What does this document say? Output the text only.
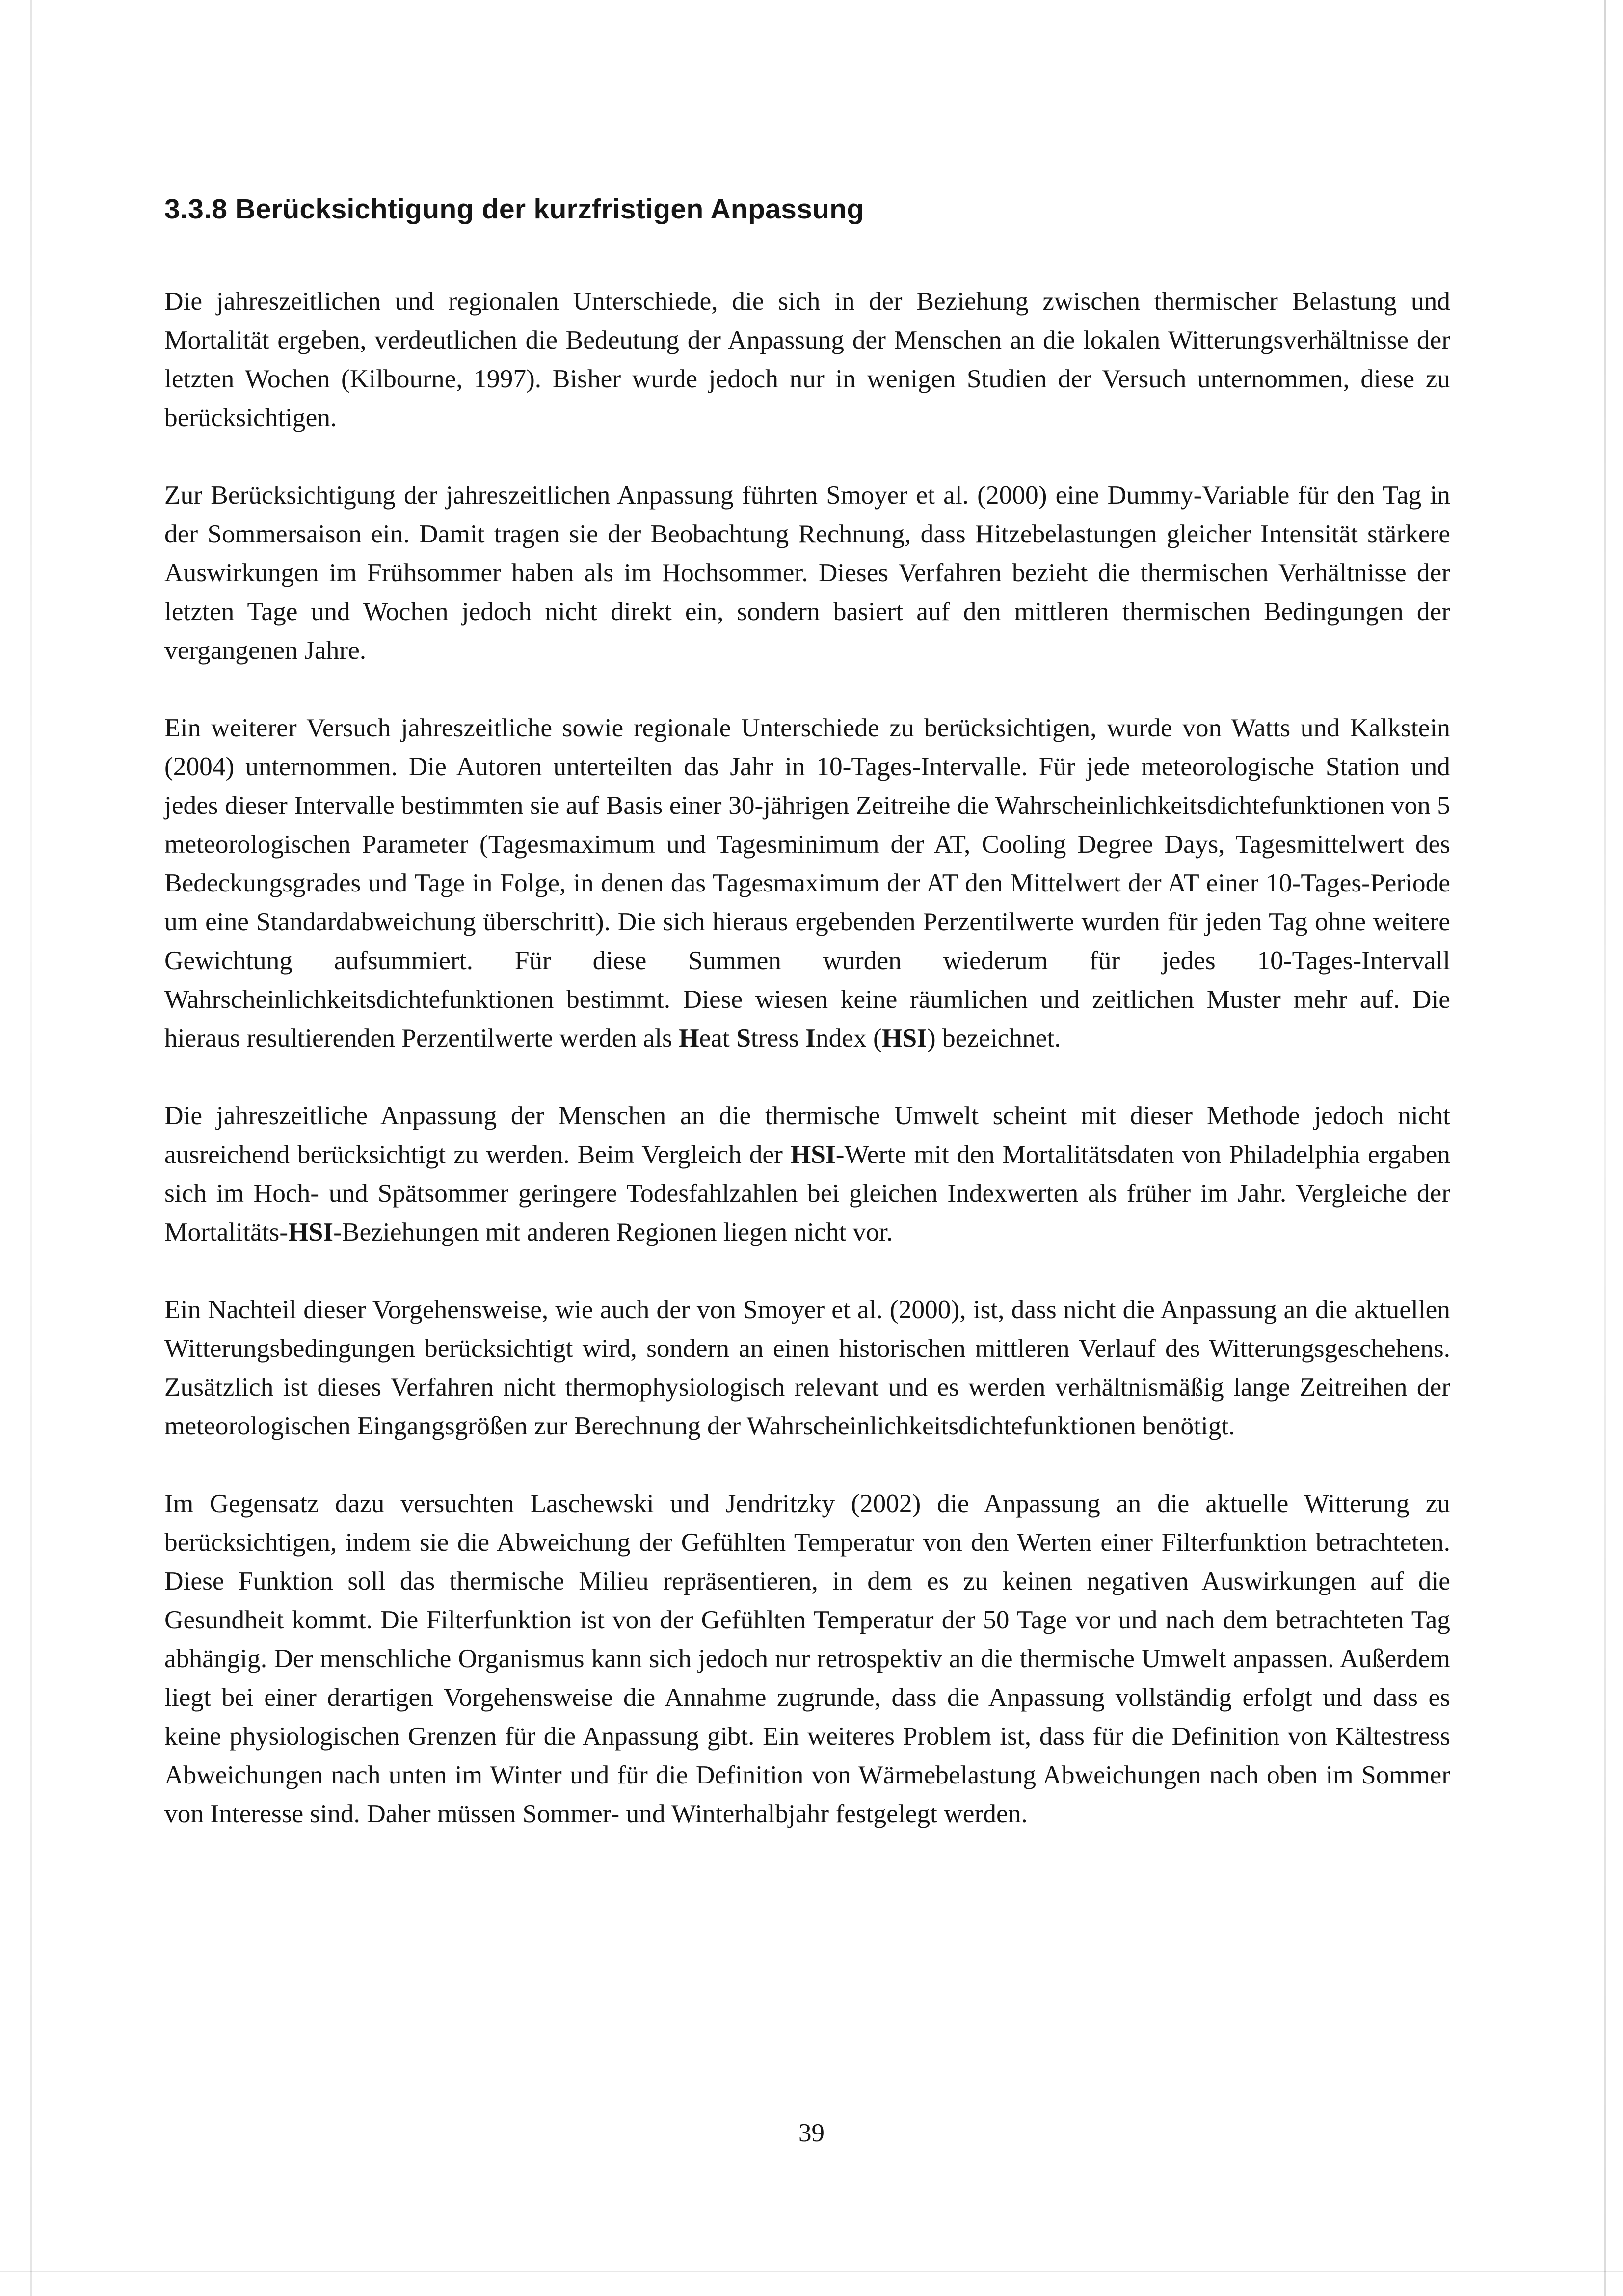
3.3.8 Berücksichtigung der kurzfristigen Anpassung

Die jahreszeitlichen und regionalen Unterschiede, die sich in der Beziehung zwischen thermischer Belastung und Mortalität ergeben, verdeutlichen die Bedeutung der Anpassung der Menschen an die lokalen Witterungsverhältnisse der letzten Wochen (Kilbourne, 1997). Bisher wurde jedoch nur in wenigen Studien der Versuch unternommen, diese zu berücksichtigen.

Zur Berücksichtigung der jahreszeitlichen Anpassung führten Smoyer et al. (2000) eine Dummy-Variable für den Tag in der Sommersaison ein. Damit tragen sie der Beobachtung Rechnung, dass Hitzebelastungen gleicher Intensität stärkere Auswirkungen im Frühsommer haben als im Hochsommer. Dieses Verfahren bezieht die thermischen Verhältnisse der letzten Tage und Wochen jedoch nicht direkt ein, sondern basiert auf den mittleren thermischen Bedingungen der vergangenen Jahre.

Ein weiterer Versuch jahreszeitliche sowie regionale Unterschiede zu berücksichtigen, wurde von Watts und Kalkstein (2004) unternommen. Die Autoren unterteilten das Jahr in 10-Tages-Intervalle. Für jede meteorologische Station und jedes dieser Intervalle bestimmten sie auf Basis einer 30-jährigen Zeitreihe die Wahrscheinlichkeitsdichtefunktionen von 5 meteorologischen Parameter (Tagesmaximum und Tagesminimum der AT, Cooling Degree Days, Tagesmittelwert des Bedeckungsgrades und Tage in Folge, in denen das Tagesmaximum der AT den Mittelwert der AT einer 10-Tages-Periode um eine Standardabweichung überschritt). Die sich hieraus ergebenden Perzentilwerte wurden für jeden Tag ohne weitere Gewichtung aufsummiert. Für diese Summen wurden wiederum für jedes 10-Tages-Intervall Wahrscheinlichkeitsdichtefunktionen bestimmt. Diese wiesen keine räumlichen und zeitlichen Muster mehr auf. Die hieraus resultierenden Perzentilwerte werden als Heat Stress Index (HSI) bezeichnet.

Die jahreszeitliche Anpassung der Menschen an die thermische Umwelt scheint mit dieser Methode jedoch nicht ausreichend berücksichtigt zu werden. Beim Vergleich der HSI-Werte mit den Mortalitätsdaten von Philadelphia ergaben sich im Hoch- und Spätsommer geringere Todesfahlzahlen bei gleichen Indexwerten als früher im Jahr. Vergleiche der Mortalitäts-HSI-Beziehungen mit anderen Regionen liegen nicht vor.

Ein Nachteil dieser Vorgehensweise, wie auch der von Smoyer et al. (2000), ist, dass nicht die Anpassung an die aktuellen Witterungsbedingungen berücksichtigt wird, sondern an einen historischen mittleren Verlauf des Witterungsgeschehens. Zusätzlich ist dieses Verfahren nicht thermophysiologisch relevant und es werden verhältnismäßig lange Zeitreihen der meteorologischen Eingangsgrößen zur Berechnung der Wahrscheinlichkeitsdichtefunktionen benötigt.

Im Gegensatz dazu versuchten Laschewski und Jendritzky (2002) die Anpassung an die aktuelle Witterung zu berücksichtigen, indem sie die Abweichung der Gefühlten Temperatur von den Werten einer Filterfunktion betrachteten. Diese Funktion soll das thermische Milieu repräsentieren, in dem es zu keinen negativen Auswirkungen auf die Gesundheit kommt. Die Filterfunktion ist von der Gefühlten Temperatur der 50 Tage vor und nach dem betrachteten Tag abhängig. Der menschliche Organismus kann sich jedoch nur retrospektiv an die thermische Umwelt anpassen. Außerdem liegt bei einer derartigen Vorgehensweise die Annahme zugrunde, dass die Anpassung vollständig erfolgt und dass es keine physiologischen Grenzen für die Anpassung gibt. Ein weiteres Problem ist, dass für die Definition von Kältestress Abweichungen nach unten im Winter und für die Definition von Wärmebelastung Abweichungen nach oben im Sommer von Interesse sind. Daher müssen Sommer- und Winterhalbjahr festgelegt werden.

39
